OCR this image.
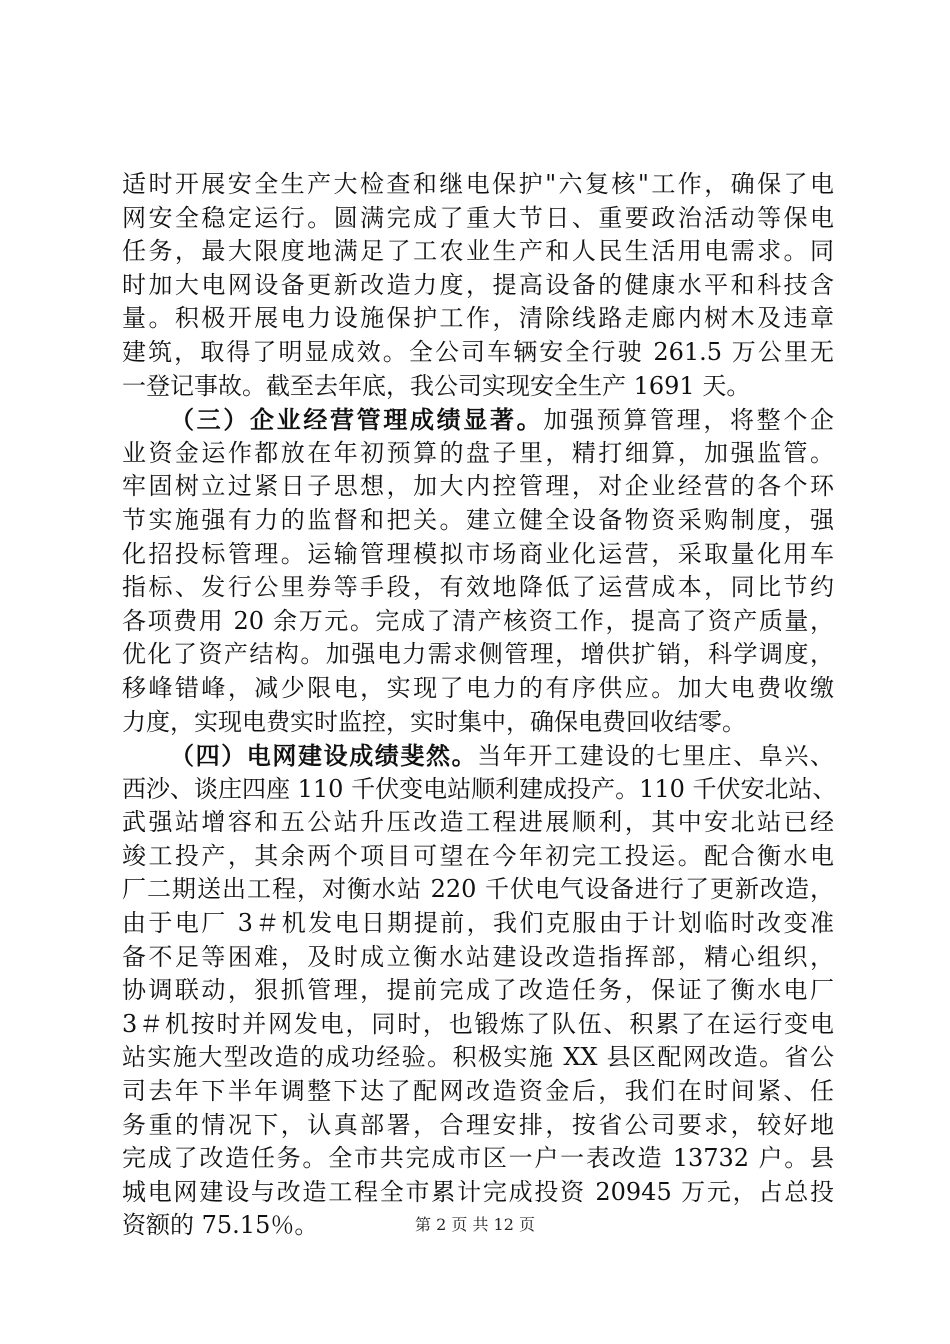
适时开展安全生产大检查和继电保护"六复核"工作，确保了电
网安全稳定运行。圆满完成了重大节日、重要政治活动等保电
任务，最大限度地满足了工农业生产和人民生活用电需求。同
时加大电网设备更新改造力度，提高设备的健康水平和科技含
量。积极开展电力设施保护工作，清除线路走廊内树木及违章
建筑，取得了明显成效。全公司车辆安全行驶 261.5 万公里无
一登记事故。截至去年底，我公司实现安全生产 1691 天。
（三）企业经营管理成绩显著。加强预算管理，将整个企
业资金运作都放在年初预算的盘子里，精打细算，加强监管。
牢固树立过紧日子思想，加大内控管理，对企业经营的各个环
节实施强有力的监督和把关。建立健全设备物资采购制度，强
化招投标管理。运输管理模拟市场商业化运营，采取量化用车
指标、发行公里券等手段，有效地降低了运营成本，同比节约
各项费用 20 余万元。完成了清产核资工作，提高了资产质量，
优化了资产结构。加强电力需求侧管理，增供扩销，科学调度，
移峰错峰，减少限电，实现了电力的有序供应。加大电费收缴
力度，实现电费实时监控，实时集中，确保电费回收结零。
（四）电网建设成绩斐然。当年开工建设的七里庄、阜兴、
西沙、谈庄四座 110 千伏变电站顺利建成投产。110 千伏安北站、
武强站增容和五公站升压改造工程进展顺利，其中安北站已经
竣工投产，其余两个项目可望在今年初完工投运。配合衡水电
厂二期送出工程，对衡水站 220 千伏电气设备进行了更新改造，
由于电厂 3＃机发电日期提前，我们克服由于计划临时改变准
备不足等困难，及时成立衡水站建设改造指挥部，精心组织，
协调联动，狠抓管理，提前完成了改造任务，保证了衡水电厂
3＃机按时并网发电，同时，也锻炼了队伍、积累了在运行变电
站实施大型改造的成功经验。积极实施 XX 县区配网改造。省公
司去年下半年调整下达了配网改造资金后，我们在时间紧、任
务重的情况下，认真部署，合理安排，按省公司要求，较好地
完成了改造任务。全市共完成市区一户一表改造 13732 户。县
城电网建设与改造工程全市累计完成投资 20945 万元，占总投
资额的 75.15％。	第 2 页 共 12 页
